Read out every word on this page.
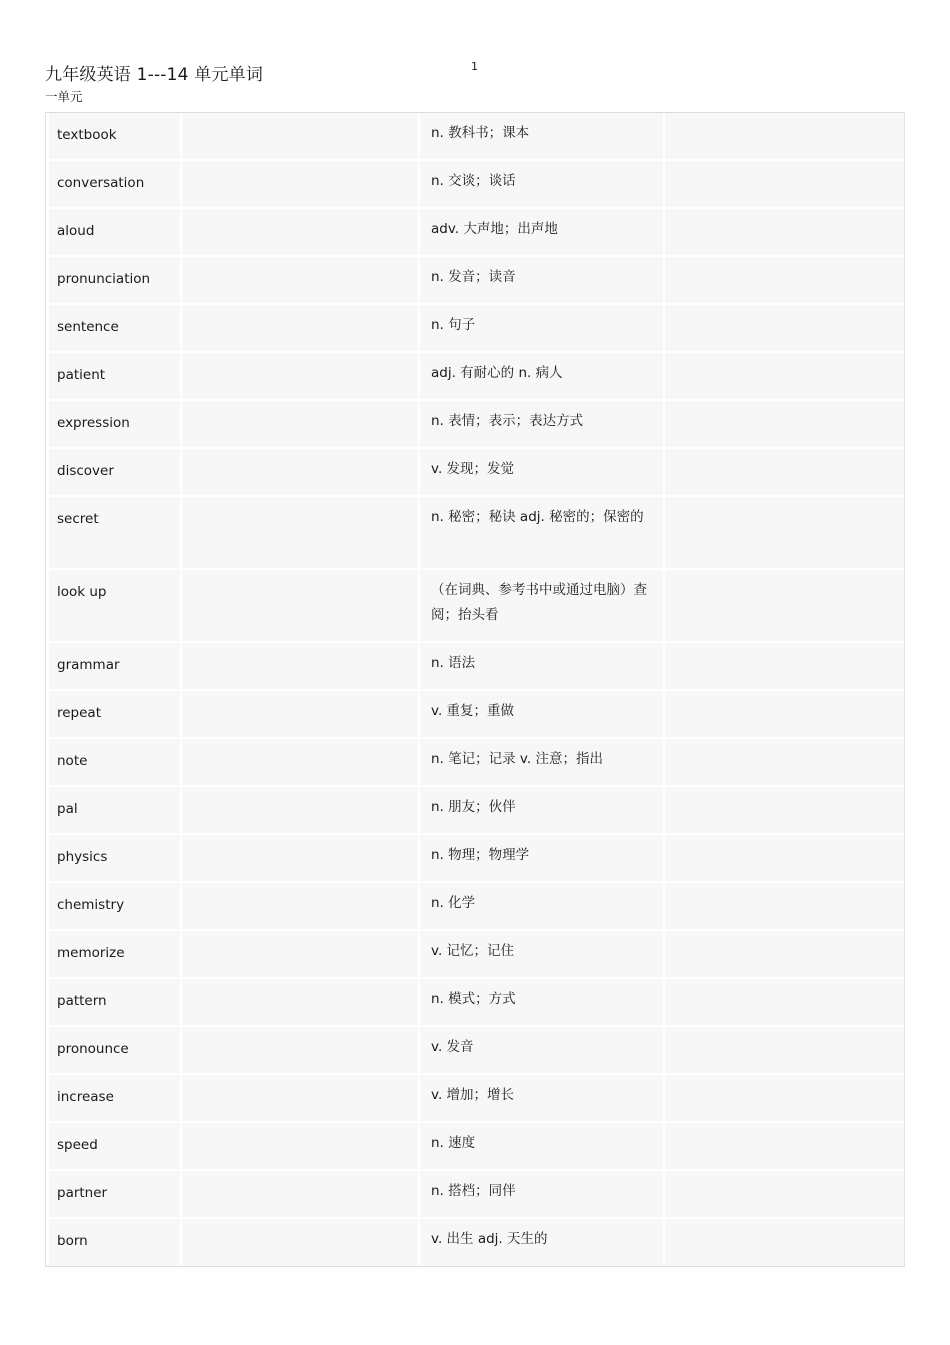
九年级英语 1---14 单元单词	1
一单元
textbook	n. 教科书；课本
conversation	n. 交谈；谈话
aloud	adv. 大声地；出声地
pronunciation	n. 发音；读音
sentence	n. 句子
patient	adj. 有耐心的 n. 病人
expression	n. 表情；表示；表达方式
discover	v. 发现；发觉
secret	n. 秘密；秘诀 adj. 秘密的；保密的
look up	（在词典、参考书中或通过电脑）查阅；抬头看
grammar	n. 语法
repeat	v. 重复；重做
note	n. 笔记；记录 v. 注意；指出
pal	n. 朋友；伙伴
physics	n. 物理；物理学
chemistry	n. 化学
memorize	v. 记忆；记住
pattern	n. 模式；方式
pronounce	v. 发音
increase	v. 增加；增长
speed	n. 速度
partner	n. 搭档；同伴
born	v. 出生 adj. 天生的
